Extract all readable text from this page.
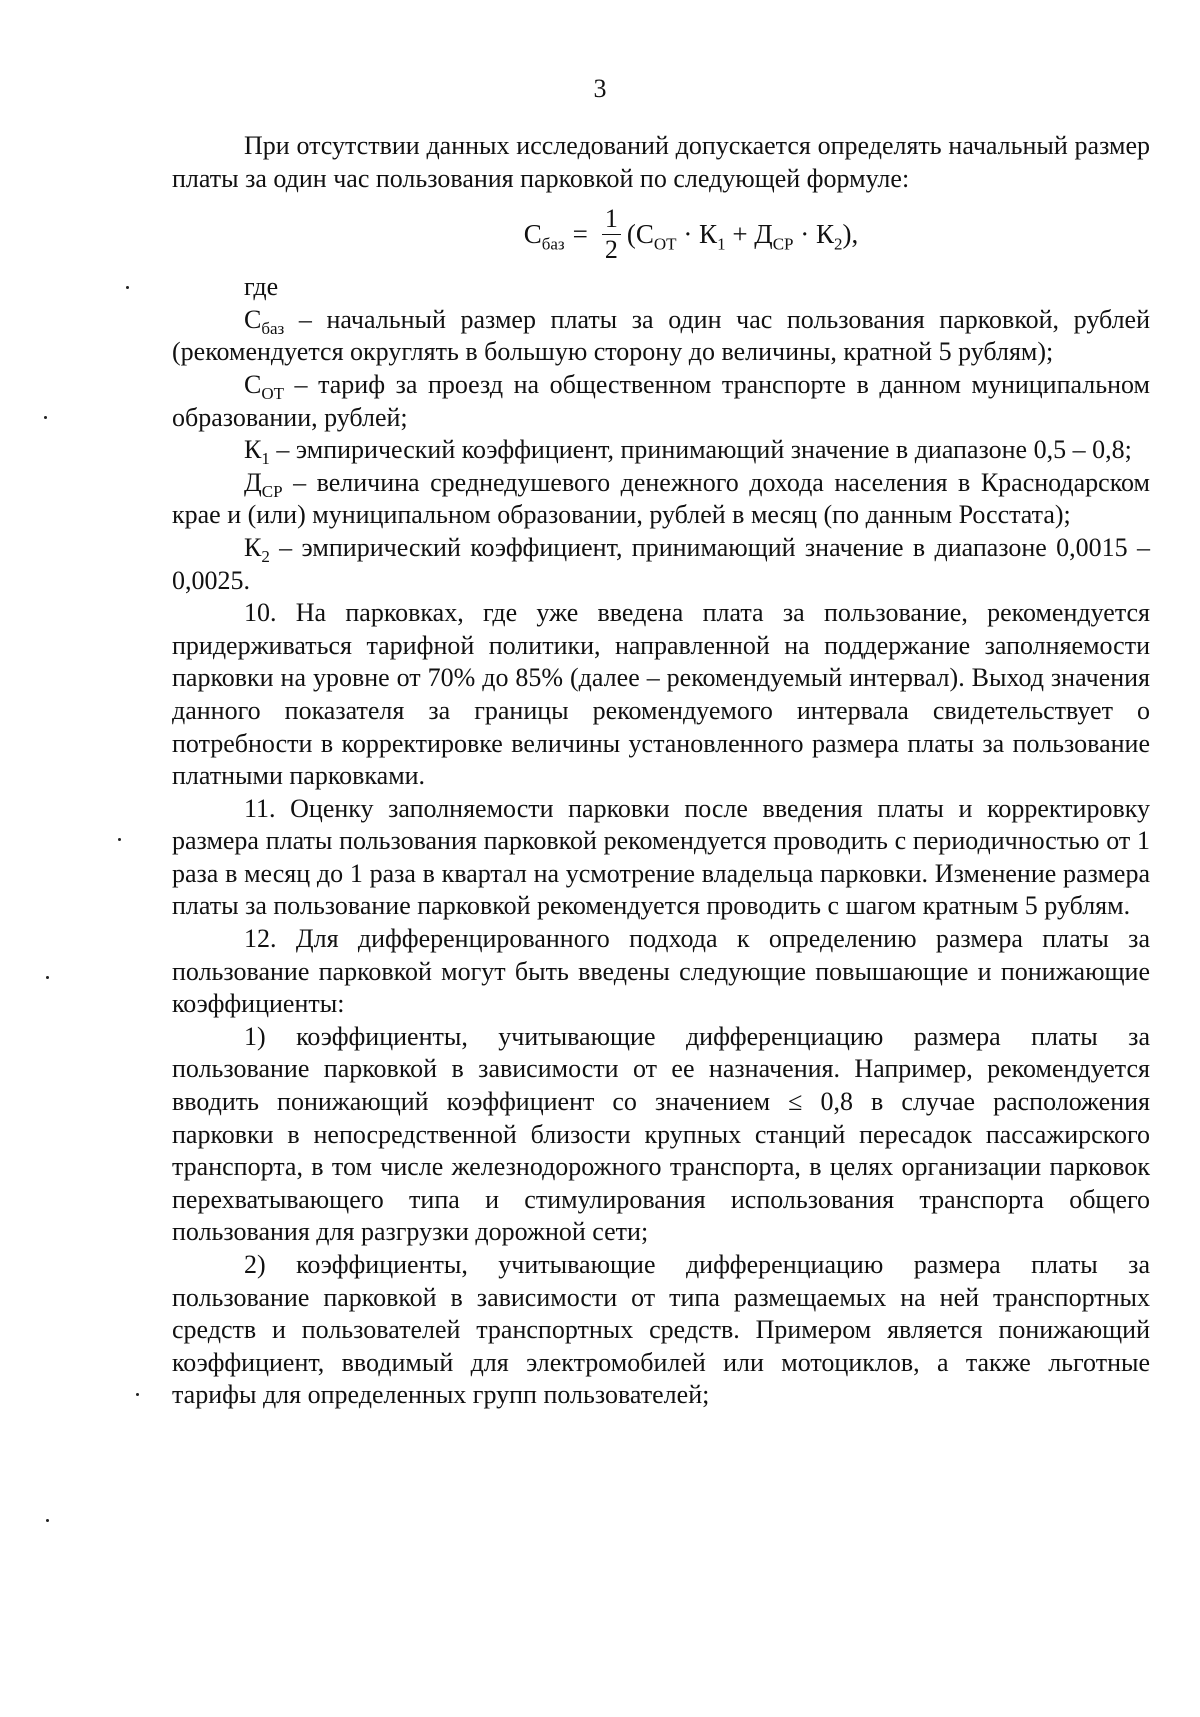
3

При отсутствии данных исследований допускается определять начальный размер платы за один час пользования парковкой по следующей формуле:

$С_{баз} = \frac{1}{2} (С_{ОТ} \cdot К_1 + Д_{СР} \cdot К_2)$,

где

$С_{баз}$ – начальный размер платы за один час пользования парковкой, рублей (рекомендуется округлять в большую сторону до величины, кратной 5 рублям);

$С_{ОТ}$ – тариф за проезд на общественном транспорте в данном муниципальном образовании, рублей;

$К_1$ – эмпирический коэффициент, принимающий значение в диапазоне 0,5 – 0,8;

$Д_{СР}$ – величина среднедушевого денежного дохода населения в Краснодарском крае и (или) муниципальном образовании, рублей в месяц (по данным Росстата);

$К_2$ – эмпирический коэффициент, принимающий значение в диапазоне 0,0015 – 0,0025.

10. На парковках, где уже введена плата за пользование, рекомендуется придерживаться тарифной политики, направленной на поддержание заполняемости парковки на уровне от 70% до 85% (далее – рекомендуемый интервал). Выход значения данного показателя за границы рекомендуемого интервала свидетельствует о потребности в корректировке величины установленного размера платы за пользование платными парковками.

11. Оценку заполняемости парковки после введения платы и корректировку размера платы пользования парковкой рекомендуется проводить с периодичностью от 1 раза в месяц до 1 раза в квартал на усмотрение владельца парковки. Изменение размера платы за пользование парковкой рекомендуется проводить с шагом кратным 5 рублям.

12. Для дифференцированного подхода к определению размера платы за пользование парковкой могут быть введены следующие повышающие и понижающие коэффициенты:

1) коэффициенты, учитывающие дифференциацию размера платы за пользование парковкой в зависимости от ее назначения. Например, рекомендуется вводить понижающий коэффициент со значением ≤ 0,8 в случае расположения парковки в непосредственной близости крупных станций пересадок пассажирского транспорта, в том числе железнодорожного транспорта, в целях организации парковок перехватывающего типа и стимулирования использования транспорта общего пользования для разгрузки дорожной сети;

2) коэффициенты, учитывающие дифференциацию размера платы за пользование парковкой в зависимости от типа размещаемых на ней транспортных средств и пользователей транспортных средств. Примером является понижающий коэффициент, вводимый для электромобилей или мотоциклов, а также льготные тарифы для определенных групп пользователей;
